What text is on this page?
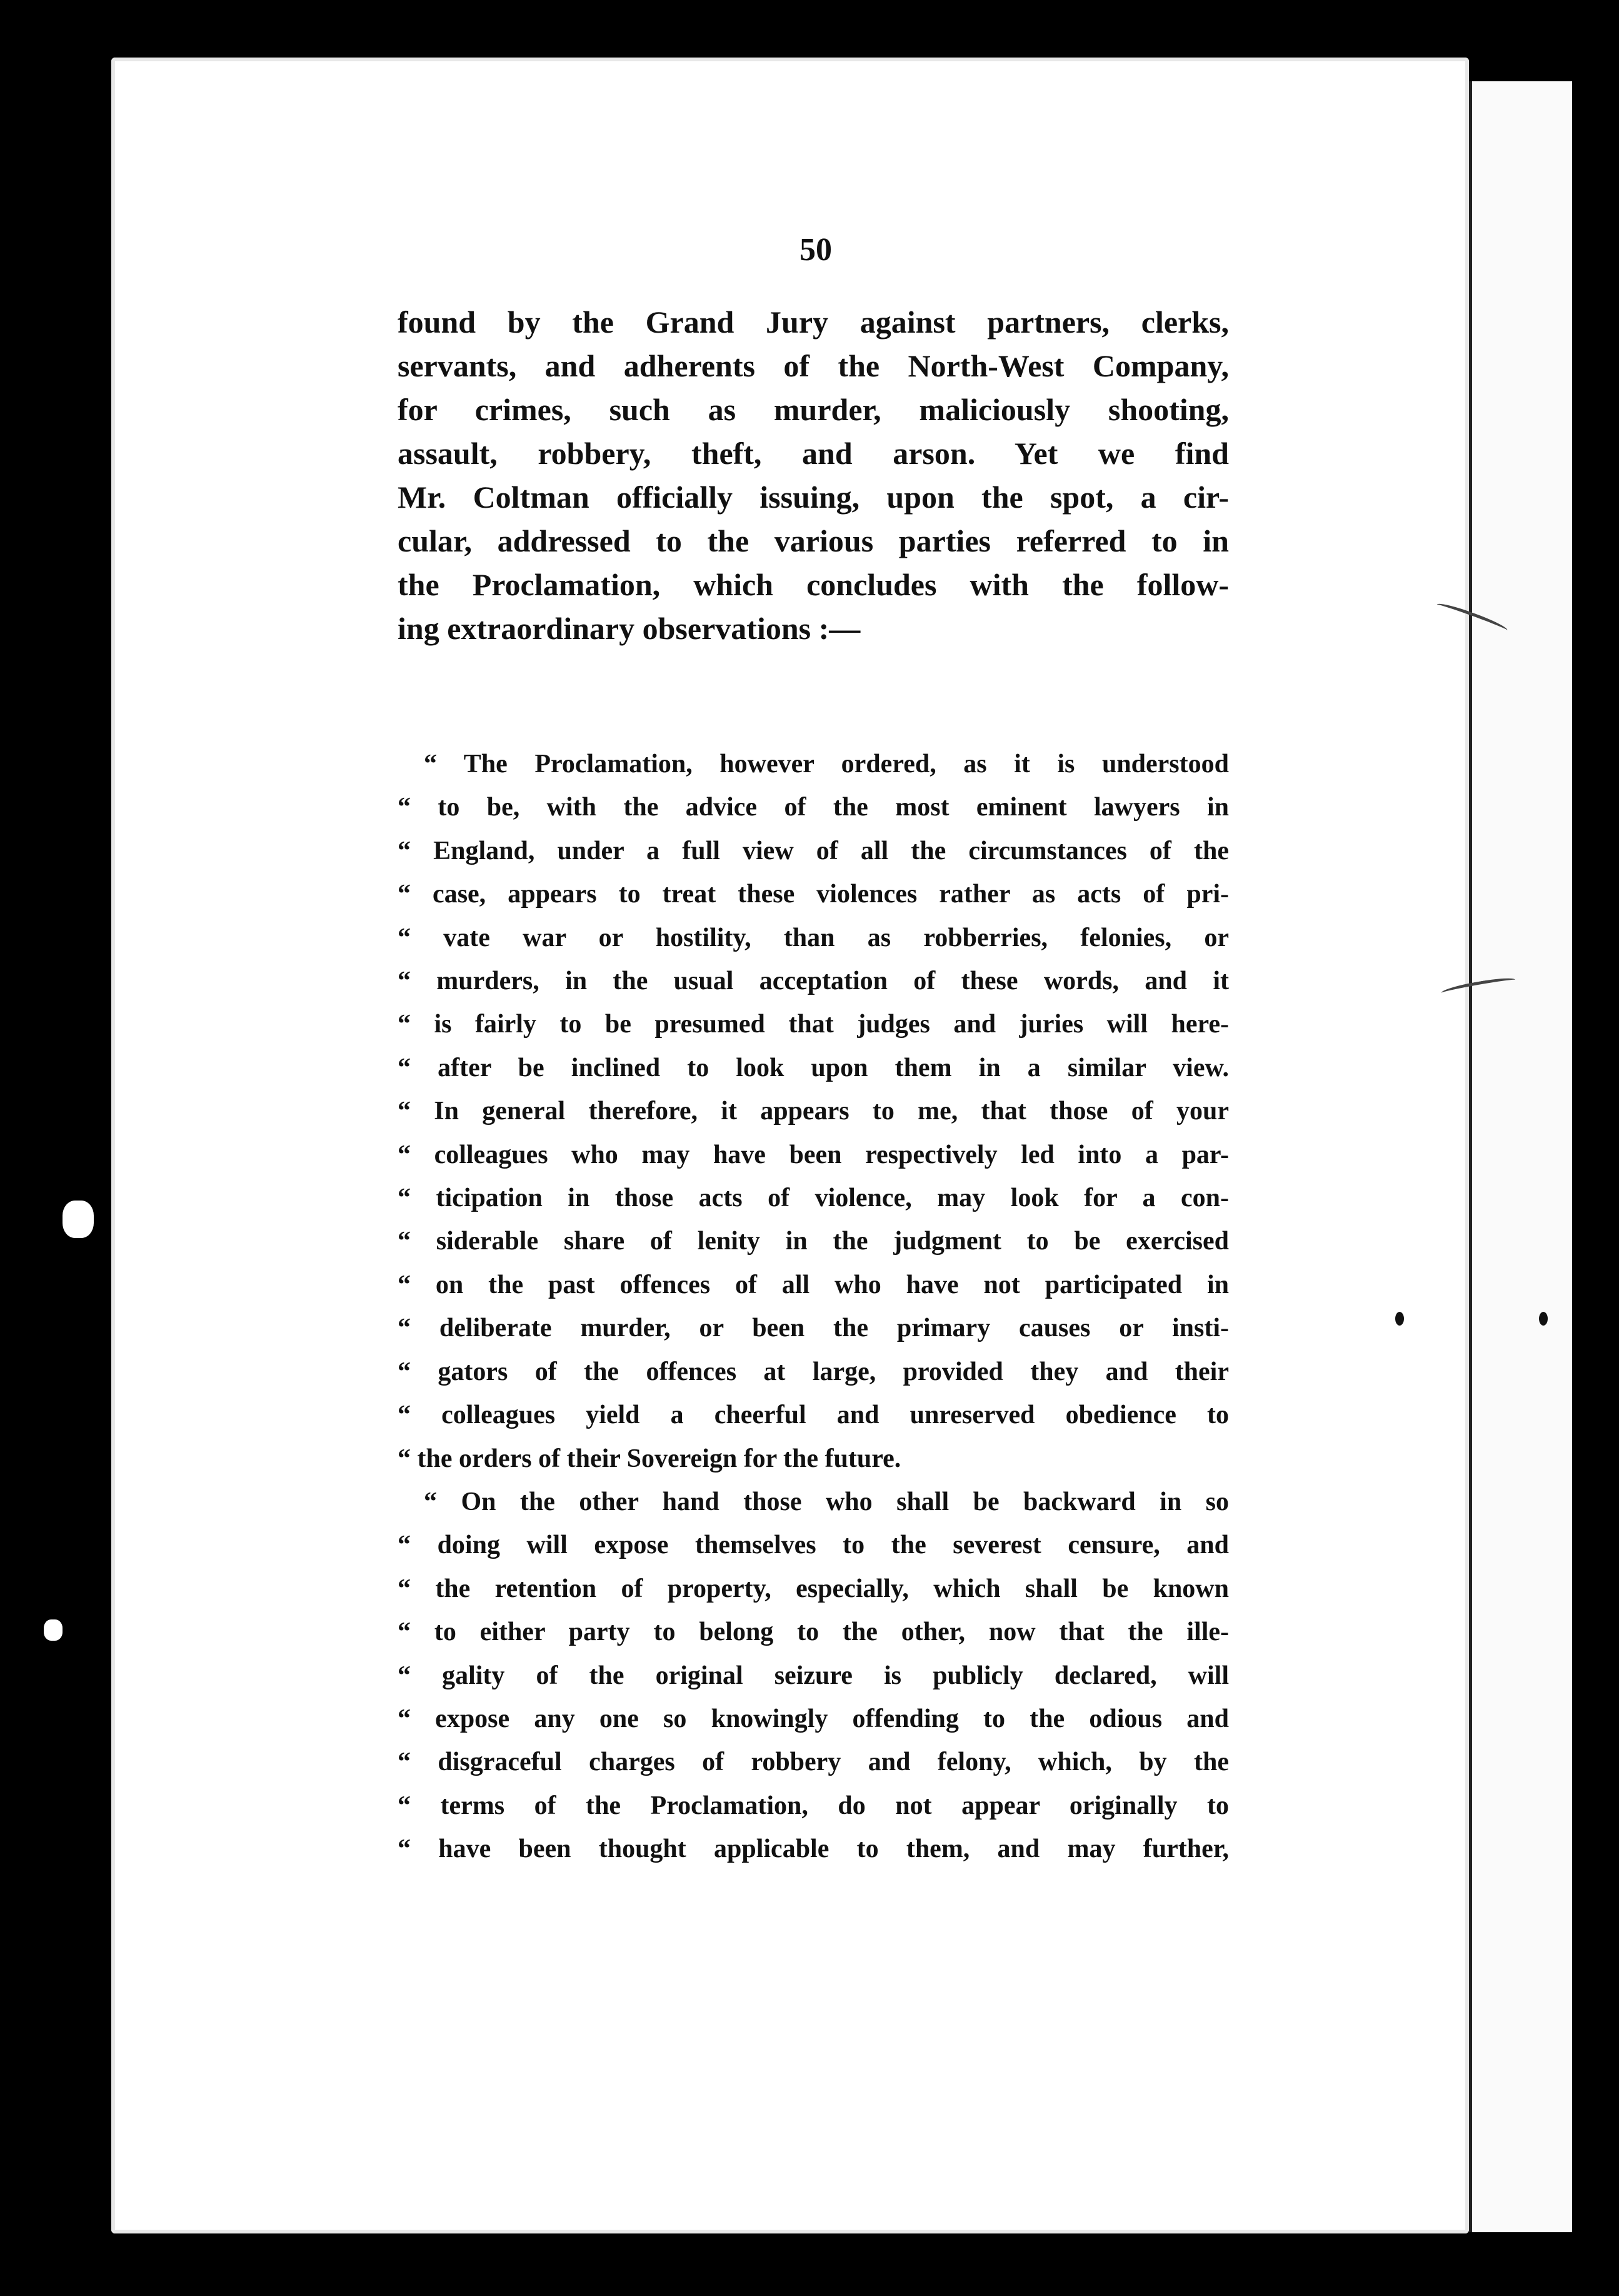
50
found by the Grand Jury against partners, clerks,
servants, and adherents of the North-West Company,
for crimes, such as murder, maliciously shooting,
assault, robbery, theft, and arson. Yet we find
Mr. Coltman officially issuing, upon the spot, a cir-
cular, addressed to the various parties referred to in
the Proclamation, which concludes with the follow-
ing extraordinary observations :—
“ The Proclamation, however ordered, as it is understood
“ to be, with the advice of the most eminent lawyers in
“ England, under a full view of all the circumstances of the
“ case, appears to treat these violences rather as acts of pri-
“ vate war or hostility, than as robberries, felonies, or
“ murders, in the usual acceptation of these words, and it
“ is fairly to be presumed that judges and juries will here-
“ after be inclined to look upon them in a similar view.
“ In general therefore, it appears to me, that those of your
“ colleagues who may have been respectively led into a par-
“ ticipation in those acts of violence, may look for a con-
“ siderable share of lenity in the judgment to be exercised
“ on the past offences of all who have not participated in
“ deliberate murder, or been the primary causes or insti-
“ gators of the offences at large, provided they and their
“ colleagues yield a cheerful and unreserved obedience to
“ the orders of their Sovereign for the future.
“ On the other hand those who shall be backward in so
“ doing will expose themselves to the severest censure, and
“ the retention of property, especially, which shall be known
“ to either party to belong to the other, now that the ille-
“ gality of the original seizure is publicly declared, will
“ expose any one so knowingly offending to the odious and
“ disgraceful charges of robbery and felony, which, by the
“ terms of the Proclamation, do not appear originally to
“ have been thought applicable to them, and may further,
